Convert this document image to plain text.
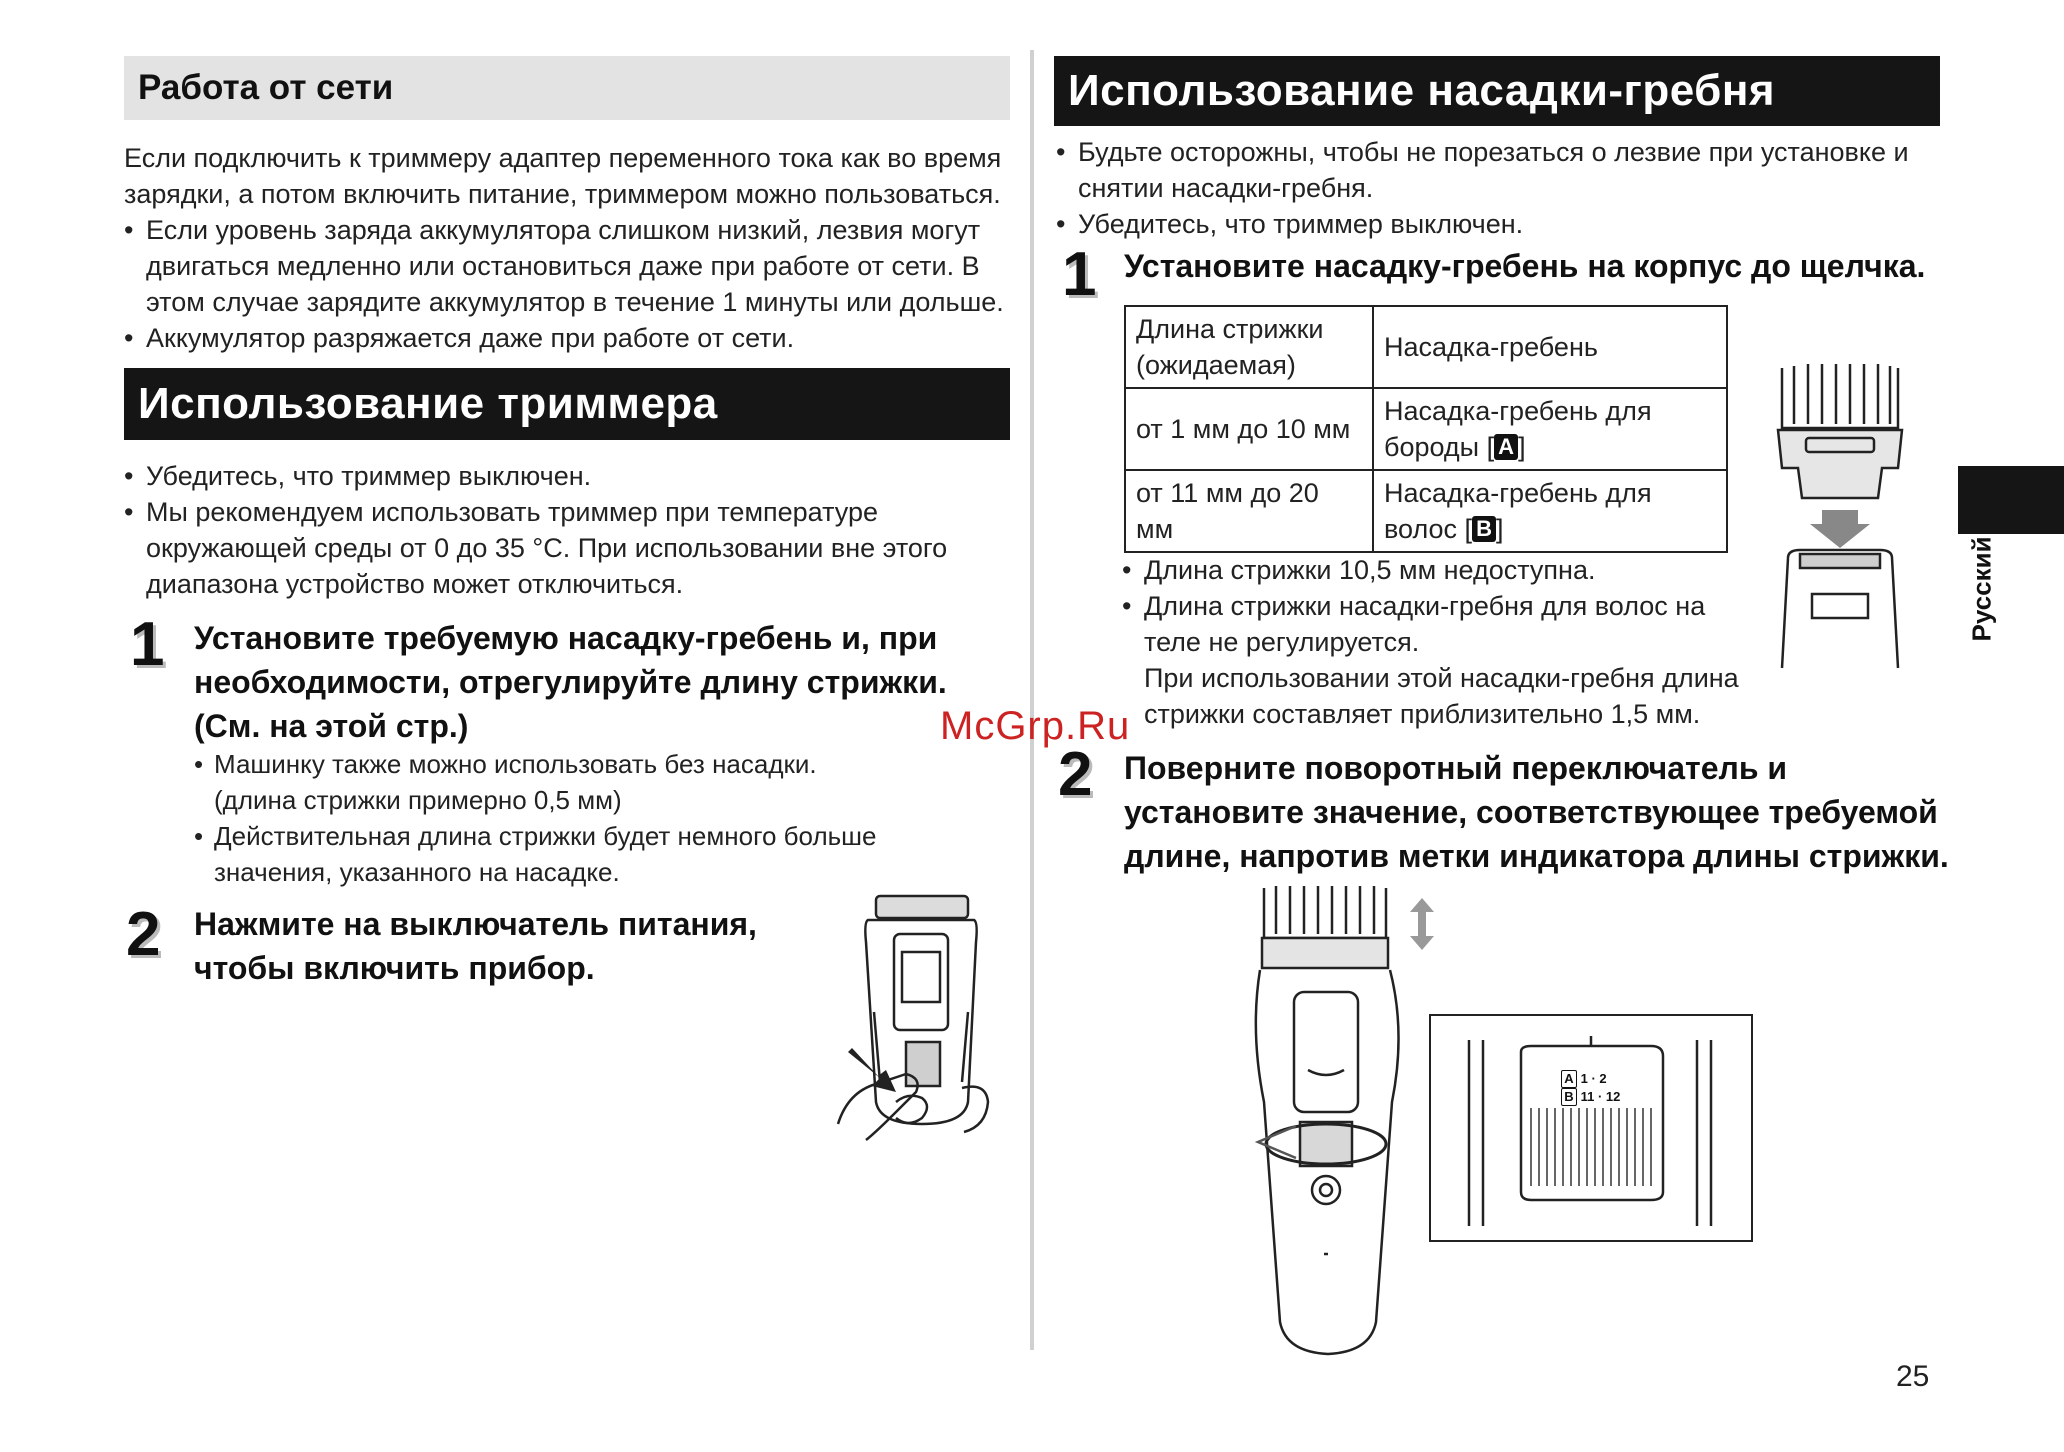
Работа от сети

Если подключить к триммеру адаптер переменного тока как во время

зарядки, а потом включить питание, триммером можно пользоваться.

• Если уровень заряда аккумулятора слишком низкий, лезвия могут
двигаться медленно или остановиться даже при работе от сети. В
этом случае зарядите аккумулятор в течение 1 минуты или дольше.
• Аккумулятор разряжается даже при работе от сети.
Использование триммера
• Убедитесь, что триммер выключен.
• Мы рекомендуем использовать триммер при температуре
окружающей среды от 0 до 35 °C. При использовании вне этого
диапазона устройство может отключиться.
1 Установите требуемую насадку-гребень и, при
необходимости, отрегулируйте длину стрижки.
(См. на этой стр.)
• Машинку также можно использовать без насадки.
(длина стрижки примерно 0,5 мм)
• Действительная длина стрижки будет немного больше
значения, указанного на насадке.
2 Нажмите на выключатель питания,
чтобы включить прибор.
Использование насадки-гребня
• Будьте осторожны, чтобы не порезаться о лезвие при установке и
снятии насадки-гребня.
• Убедитесь, что триммер выключен.
1 Установите насадку-гребень на корпус до щелчка.
Длина стрижки (ожидаемая)	Насадка-гребень
от 1 мм до 10 мм	Насадка-гребень для бороды [ A ]
от 11 мм до 20 мм	Насадка-гребень для волос [ B ]
• Длина стрижки 10,5 мм недоступна.
• Длина стрижки насадки-гребня для волос на
теле не регулируется.
При использовании этой насадки-гребня длина
стрижки составляет приблизительно 1,5 мм.
Русский
McGrp.Ru
2 Поверните поворотный переключатель и
установите значение, соответствующее требуемой
длине, напротив метки индикатора длины стрижки.
A 1 · 2
B 11 · 12
25
